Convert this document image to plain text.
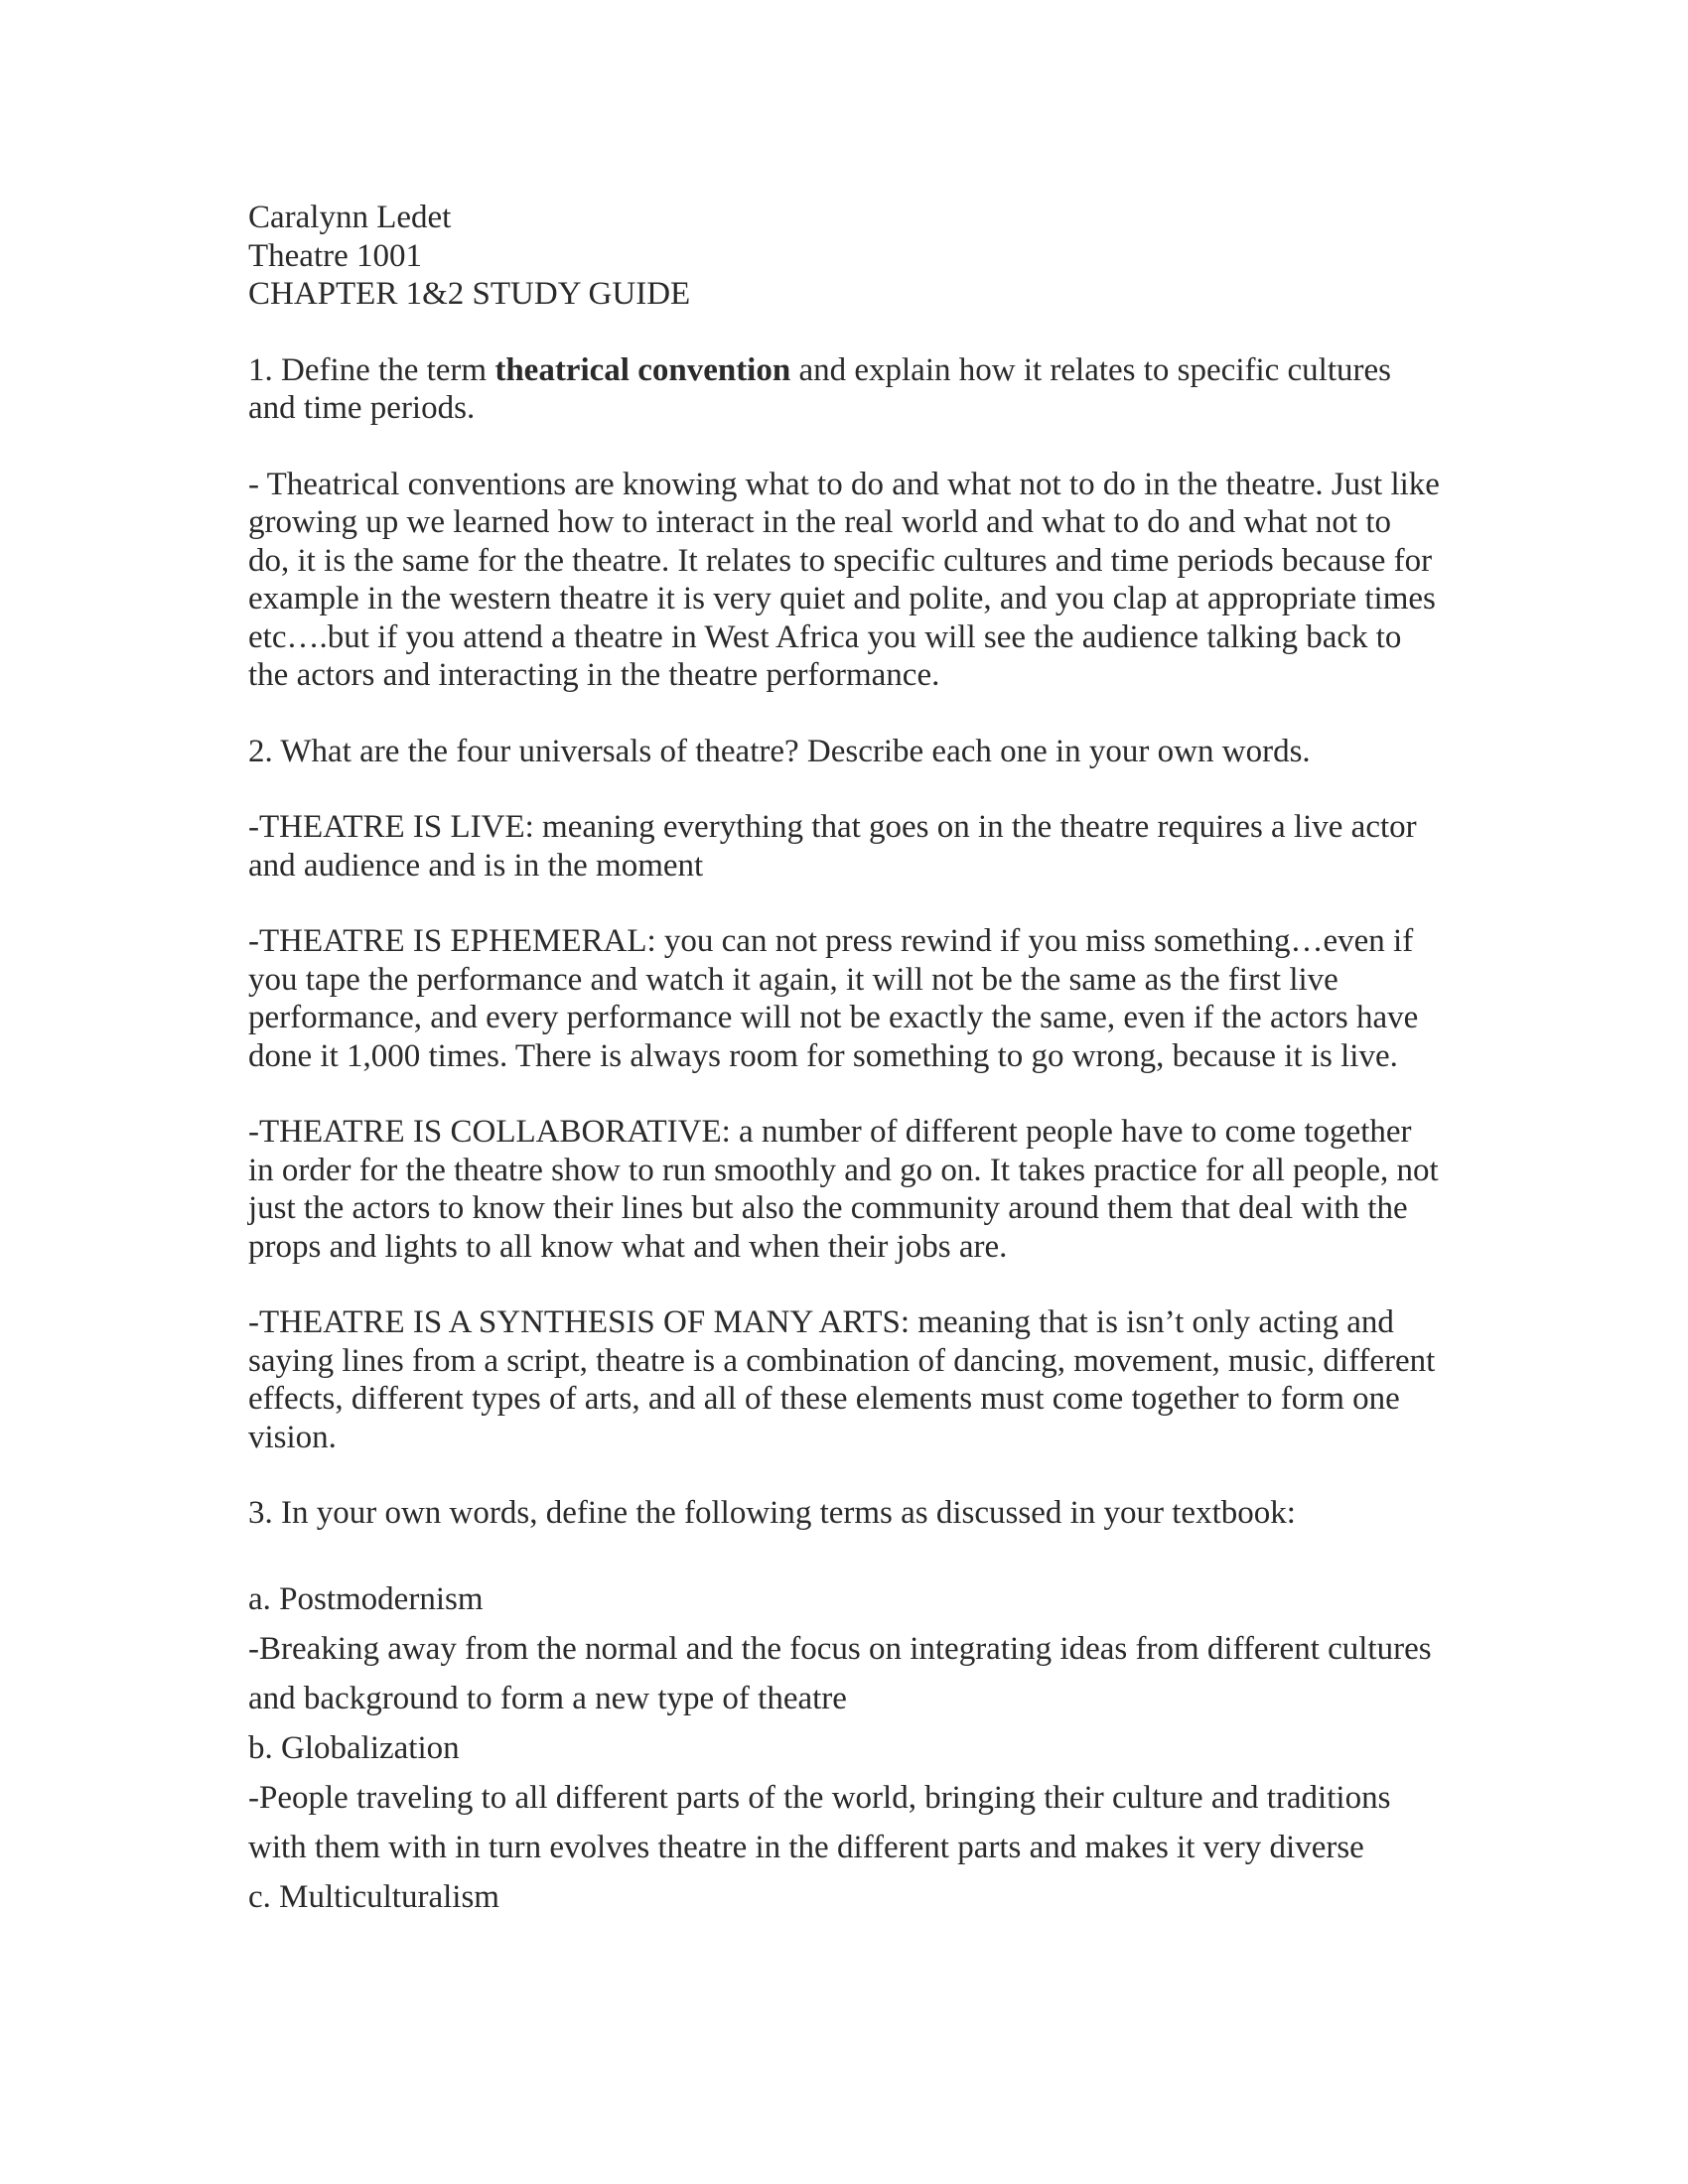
Caralynn Ledet
Theatre 1001
CHAPTER 1&2 STUDY GUIDE

1. Define the term theatrical convention and explain how it relates to specific cultures and time periods.

- Theatrical conventions are knowing what to do and what not to do in the theatre. Just like growing up we learned how to interact in the real world and what to do and what not to do, it is the same for the theatre. It relates to specific cultures and time periods because for example in the western theatre it is very quiet and polite, and you clap at appropriate times etc….but if you attend a theatre in West Africa you will see the audience talking back to the actors and interacting in the theatre performance.

2. What are the four universals of theatre? Describe each one in your own words.

-THEATRE IS LIVE: meaning everything that goes on in the theatre requires a live actor and audience and is in the moment

-THEATRE IS EPHEMERAL: you can not press rewind if you miss something…even if you tape the performance and watch it again, it will not be the same as the first live performance, and every performance will not be exactly the same, even if the actors have done it 1,000 times. There is always room for something to go wrong, because it is live.

-THEATRE IS COLLABORATIVE: a number of different people have to come together in order for the theatre show to run smoothly and go on. It takes practice for all people, not just the actors to know their lines but also the community around them that deal with the props and lights to all know what and when their jobs are.

-THEATRE IS A SYNTHESIS OF MANY ARTS: meaning that is isn’t only acting and saying lines from a script, theatre is a combination of dancing, movement, music, different effects, different types of arts, and all of these elements must come together to form one vision.

3. In your own words, define the following terms as discussed in your textbook:

a. Postmodernism
-Breaking away from the normal and the focus on integrating ideas from different cultures and background to form a new type of theatre
b. Globalization
-People traveling to all different parts of the world, bringing their culture and traditions with them with in turn evolves theatre in the different parts and makes it very diverse
c. Multiculturalism
